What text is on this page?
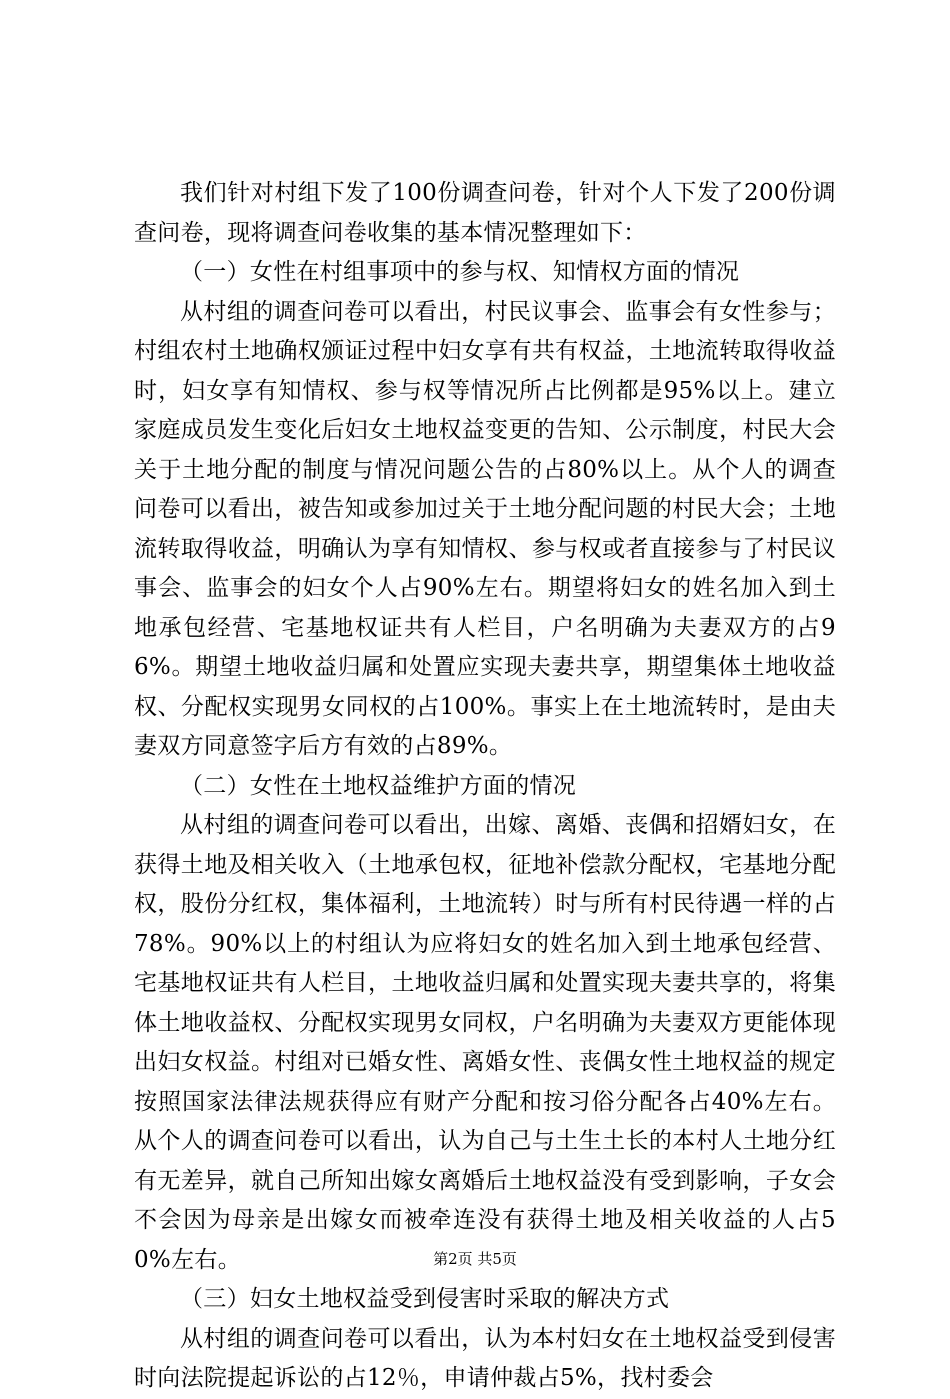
我们针对村组下发了100份调查问卷，针对个人下发了200份调查问卷，现将调查问卷收集的基本情况整理如下：

（一）女性在村组事项中的参与权、知情权方面的情况

从村组的调查问卷可以看出，村民议事会、监事会有女性参与；村组农村土地确权颁证过程中妇女享有共有权益，土地流转取得收益时，妇女享有知情权、参与权等情况所占比例都是95%以上。建立家庭成员发生变化后妇女土地权益变更的告知、公示制度，村民大会关于土地分配的制度与情况问题公告的占80%以上。从个人的调查问卷可以看出，被告知或参加过关于土地分配问题的村民大会；土地流转取得收益，明确认为享有知情权、参与权或者直接参与了村民议事会、监事会的妇女个人占90%左右。期望将妇女的姓名加入到土地承包经营、宅基地权证共有人栏目，户名明确为夫妻双方的占96%。期望土地收益归属和处置应实现夫妻共享，期望集体土地收益权、分配权实现男女同权的占100%。事实上在土地流转时，是由夫妻双方同意签字后方有效的占89%。

（二）女性在土地权益维护方面的情况

从村组的调查问卷可以看出，出嫁、离婚、丧偶和招婿妇女，在获得土地及相关收入（土地承包权，征地补偿款分配权，宅基地分配权，股份分红权，集体福利，土地流转）时与所有村民待遇一样的占78%。90%以上的村组认为应将妇女的姓名加入到土地承包经营、宅基地权证共有人栏目，土地收益归属和处置实现夫妻共享的，将集体土地收益权、分配权实现男女同权，户名明确为夫妻双方更能体现出妇女权益。村组对已婚女性、离婚女性、丧偶女性土地权益的规定按照国家法律法规获得应有财产分配和按习俗分配各占40%左右。从个人的调查问卷可以看出，认为自己与土生土长的本村人土地分红有无差异，就自己所知出嫁女离婚后土地权益没有受到影响，子女会不会因为母亲是出嫁女而被牵连没有获得土地及相关收益的人占50%左右。

（三）妇女土地权益受到侵害时采取的解决方式

从村组的调查问卷可以看出，认为本村妇女在土地权益受到侵害时向法院提起诉讼的占12％，申请仲裁占5%，找村委会

第2页 共5页
